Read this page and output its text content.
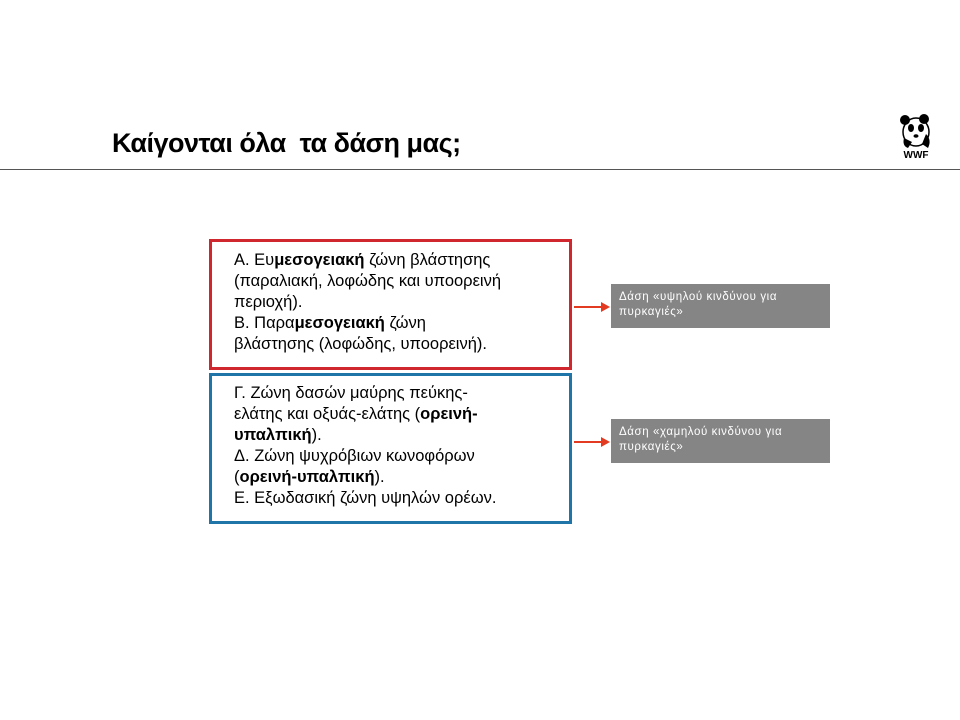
Καίγονται όλα  τα δάση μας;	WWF
Α. Ευμεσογειακή ζώνη βλάστησης
(παραλιακή, λοφώδης και υποορεινή
περιοχή).
Β. Παραμεσογειακή ζώνη
βλάστησης (λοφώδης, υποορεινή).
Γ. Ζώνη δασών μαύρης πεύκης-
ελάτης και οξυάς-ελάτης (ορεινή-
υπαλπική).
Δ. Ζώνη ψυχρόβιων κωνοφόρων
(ορεινή-υπαλπική).
Ε. Εξωδασική ζώνη υψηλών ορέων.
Δάση «υψηλού κινδύνου για πυρκαγιές»
Δάση «χαμηλού κινδύνου για πυρκαγιές»
